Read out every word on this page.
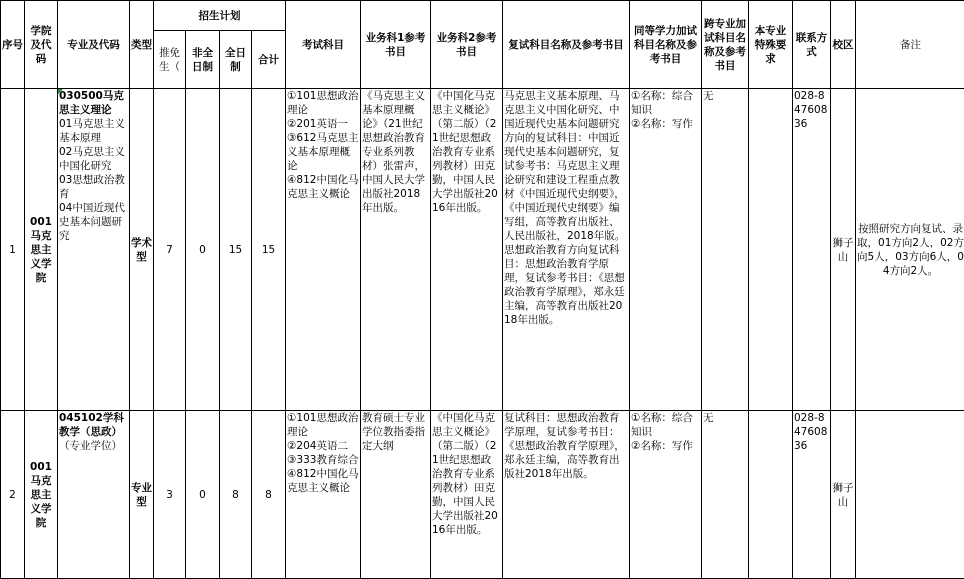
序号	学院及代码	专业及代码	类型	招生计划				考试科目	业务科1参考书目	业务科2参考书目	复试科目名称及参考书目	同等学力加试科目名称及参考书目	跨专业加试科目名称及参考书目	本专业特殊要求	联系方式	校区	备注
				推免生（	非全日制	全日制	合计										
1	001马克思主义学院	030500马克思主义理论
01马克思主义基本原理
02马克思主义中国化研究
03思想政治教育
04中国近现代史基本问题研究	学术型	7	0	15	15	①101思想政治理论
②201英语一
③612马克思主义基本原理概论
④812中国化马克思主义概论	《马克思主义基本原理概论》（21世纪思想政治教育专业系列教材）张雷声，中国人民大学出版社2018年出版。	《中国化马克思主义概论》（第二版）（21世纪思想政治教育专业系列教材）田克勤，中国人民大学出版社2016年出版。	马克思主义基本原理、马克思主义中国化研究、中国近现代史基本问题研究方向的复试科目：中国近现代史基本问题研究，复试参考书：马克思主义理论研究和建设工程重点教材《中国近现代史纲要》，《中国近现代史纲要》编写组，高等教育出版社、人民出版社，2018年版。思想政治教育方向复试科目：思想政治教育学原理，复试参考书目：《思想政治教育学原理》，郑永廷主编，高等教育出版社2018年出版。	①名称：综合知识
②名称：写作	无		028-84760836	狮子山	按照研究方向复试、录取，01方向2人，02方向5人，03方向6人，04方向2人。
2	001马克思主义学院	045102学科教学（思政）（专业学位）	专业型	3	0	8	8	①101思想政治理论
②204英语二
③333教育综合
④812中国化马克思主义概论	教育硕士专业学位教指委指定大纲	《中国化马克思主义概论》（第二版）（21世纪思想政治教育专业系列教材）田克勤，中国人民大学出版社2016年出版。	复试科目：思想政治教育学原理，复试参考书目：《思想政治教育学原理》，郑永廷主编，高等教育出版社2018年出版。	①名称：综合知识
②名称：写作	无		028-84760836	狮子山	
